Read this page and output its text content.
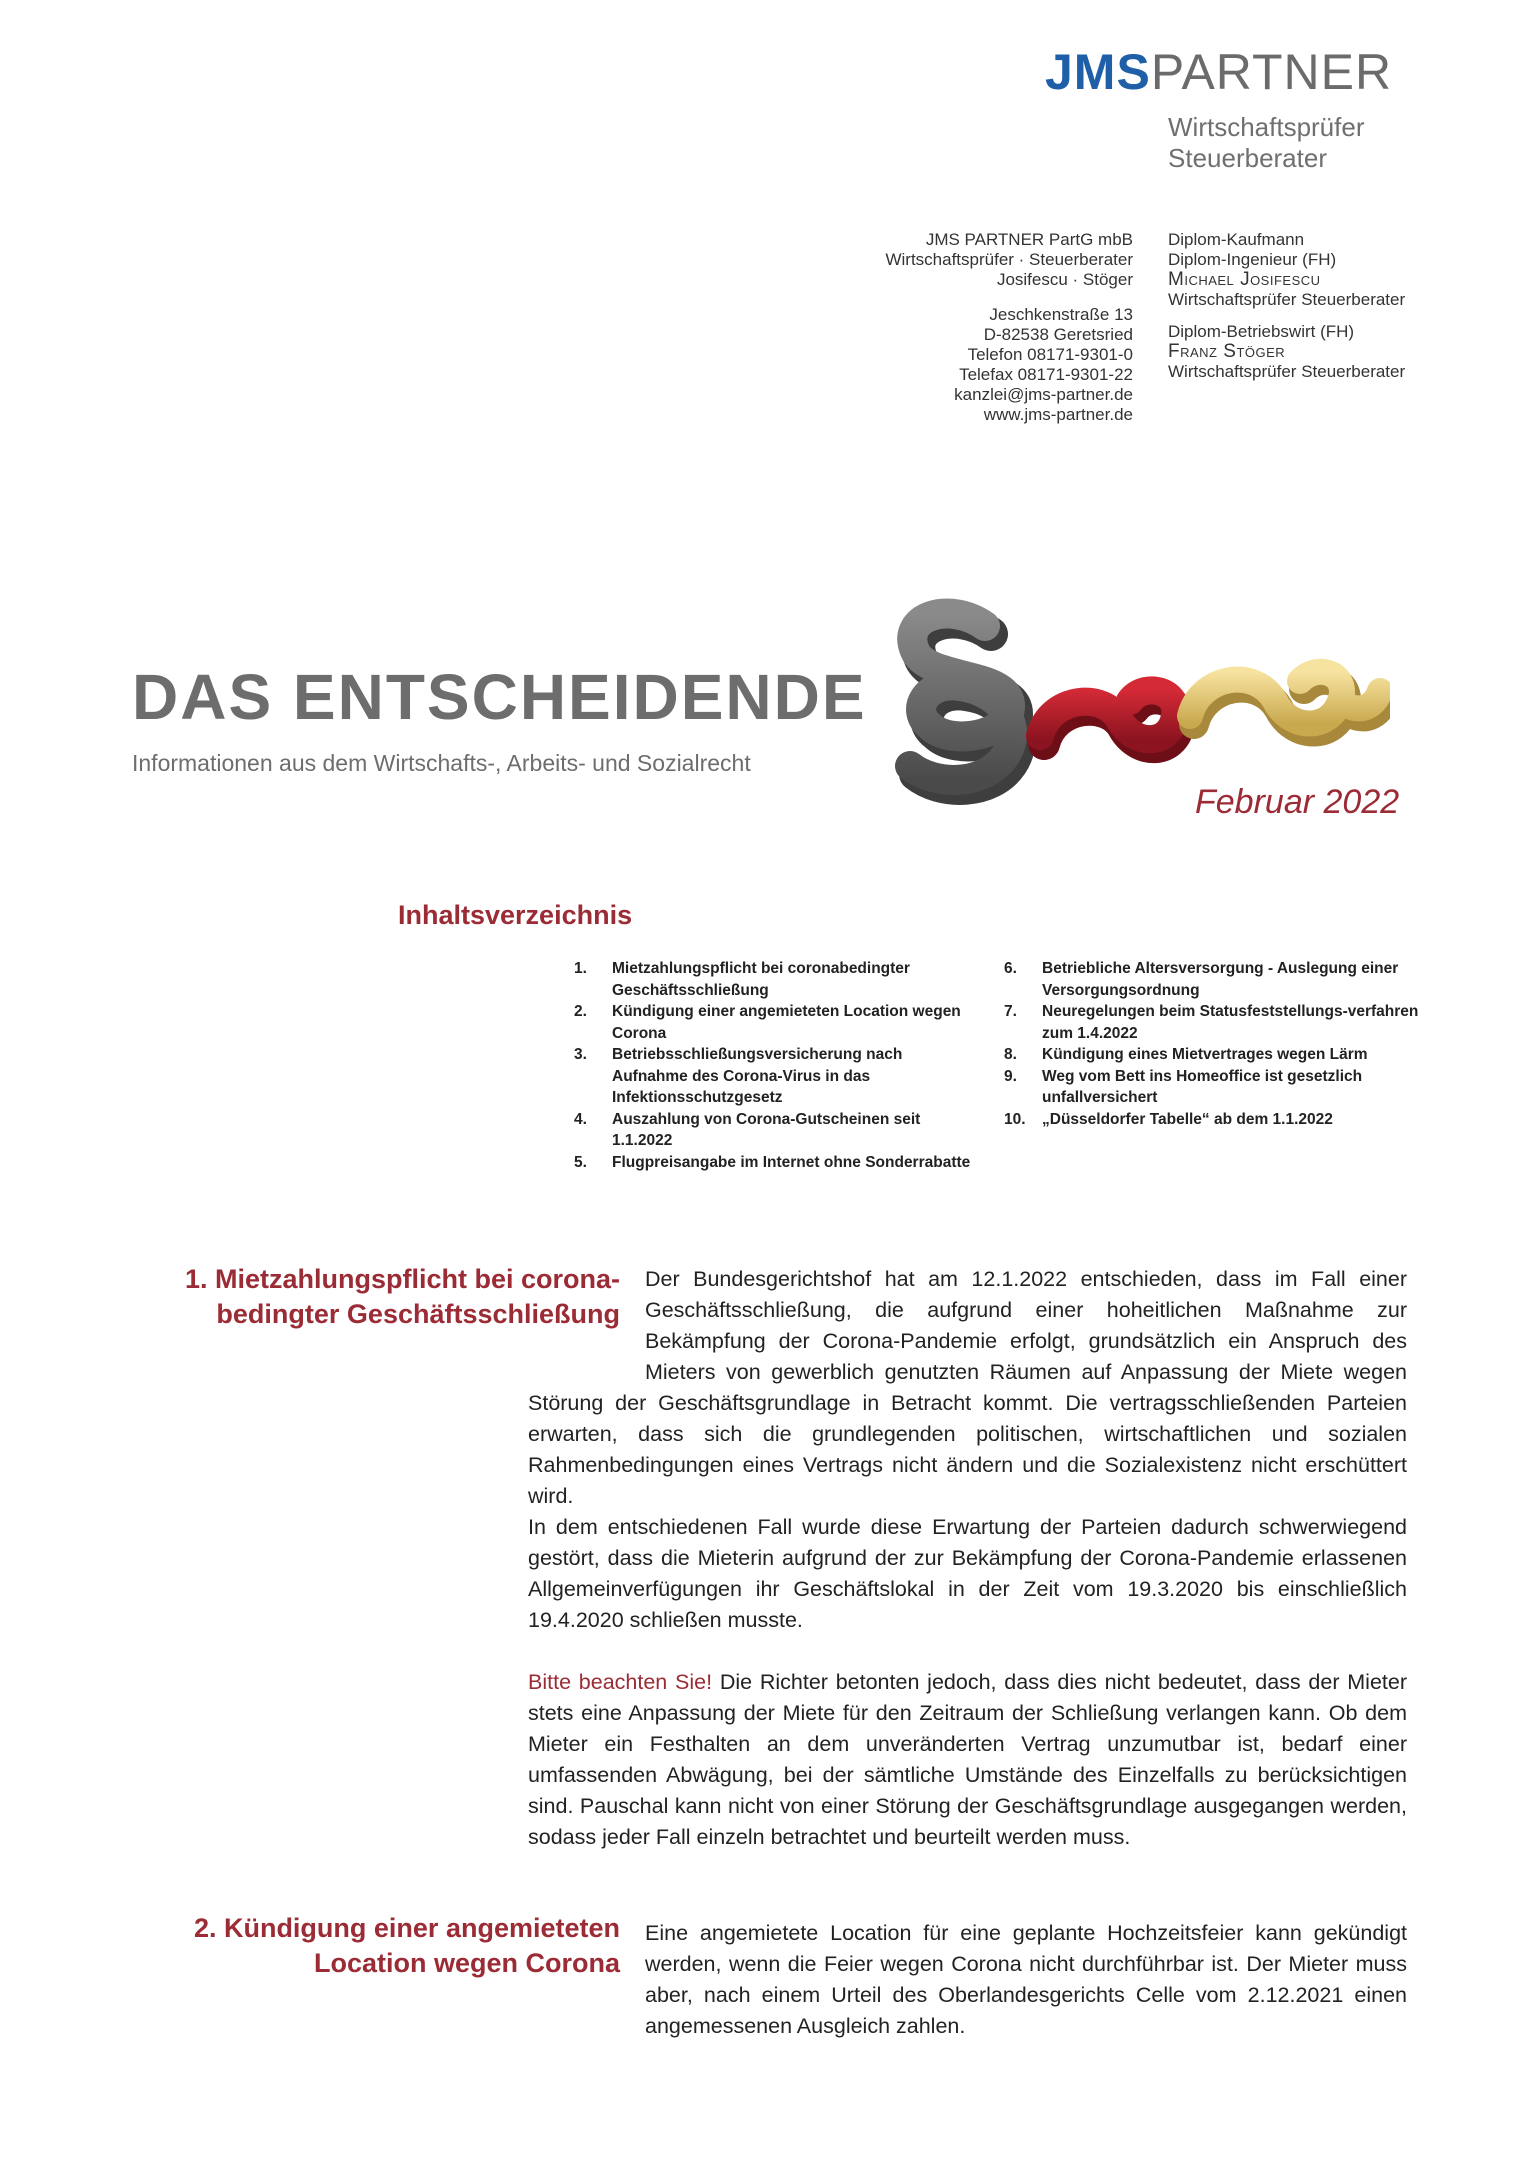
JMSPARTNER
Wirtschaftsprüfer
Steuerberater
JMS PARTNER PartG mbB
Wirtschaftsprüfer · Steuerberater
Josifescu · Stöger
Jeschkenstraße 13
D-82538 Geretsried
Telefon 08171-9301-0
Telefax 08171-9301-22
kanzlei@jms-partner.de
www.jms-partner.de
Diplom-Kaufmann
Diplom-Ingenieur (FH)
Michael Josifescu
Wirtschaftsprüfer Steuerberater
Diplom-Betriebswirt (FH)
Franz Stöger
Wirtschaftsprüfer Steuerberater
DAS ENTSCHEIDENDE
Informationen aus dem Wirtschafts-, Arbeits- und Sozialrecht
Februar 2022
Inhaltsverzeichnis
1.	Mietzahlungspflicht bei coronabedingter Geschäftsschließung
2.	Kündigung einer angemieteten Location wegen Corona
3.	Betriebsschließungsversicherung nach Aufnahme des Corona-Virus in das Infektionsschutzgesetz
4.	Auszahlung von Corona-Gutscheinen seit 1.1.2022
5.	Flugpreisangabe im Internet ohne Sonderrabatte
6.	Betriebliche Altersversorgung - Auslegung einer Versorgungsordnung
7.	Neuregelungen beim Statusfeststellungs-verfahren zum 1.4.2022
8.	Kündigung eines Mietvertrages wegen Lärm
9.	Weg vom Bett ins Homeoffice ist gesetzlich unfallversichert
10.	„Düsseldorfer Tabelle“ ab dem 1.1.2022
1. Mietzahlungspflicht bei corona-
bedingter Geschäftsschließung
Der Bundesgerichtshof hat am 12.1.2022 entschieden, dass im Fall einer Geschäftsschließung, die aufgrund einer hoheitlichen Maßnahme zur Bekämpfung der Corona-Pandemie erfolgt, grundsätzlich ein Anspruch des Mieters von gewerblich genutzten Räumen auf Anpassung der Miete wegen Störung der Geschäftsgrundlage in Betracht kommt. Die vertragsschließenden Parteien erwarten, dass sich die grundlegenden politischen, wirtschaftlichen und sozialen Rahmenbedingungen eines Vertrags nicht ändern und die Sozialexistenz nicht erschüttert wird.
In dem entschiedenen Fall wurde diese Erwartung der Parteien dadurch schwerwiegend gestört, dass die Mieterin aufgrund der zur Bekämpfung der Corona-Pandemie erlassenen Allgemeinverfügungen ihr Geschäftslokal in der Zeit vom 19.3.2020 bis einschließlich 19.4.2020 schließen musste.
Bitte beachten Sie! Die Richter betonten jedoch, dass dies nicht bedeutet, dass der Mieter stets eine Anpassung der Miete für den Zeitraum der Schließung verlangen kann. Ob dem Mieter ein Festhalten an dem unveränderten Vertrag unzumutbar ist, bedarf einer umfassenden Abwägung, bei der sämtliche Umstände des Einzelfalls zu berücksichtigen sind. Pauschal kann nicht von einer Störung der Geschäftsgrundlage ausgegangen werden, sodass jeder Fall einzeln betrachtet und beurteilt werden muss.
2. Kündigung einer angemieteten
Location wegen Corona
Eine angemietete Location für eine geplante Hochzeitsfeier kann gekündigt werden, wenn die Feier wegen Corona nicht durchführbar ist. Der Mieter muss aber, nach einem Urteil des Oberlandesgerichts Celle vom 2.12.2021 einen angemessenen Ausgleich zahlen.
